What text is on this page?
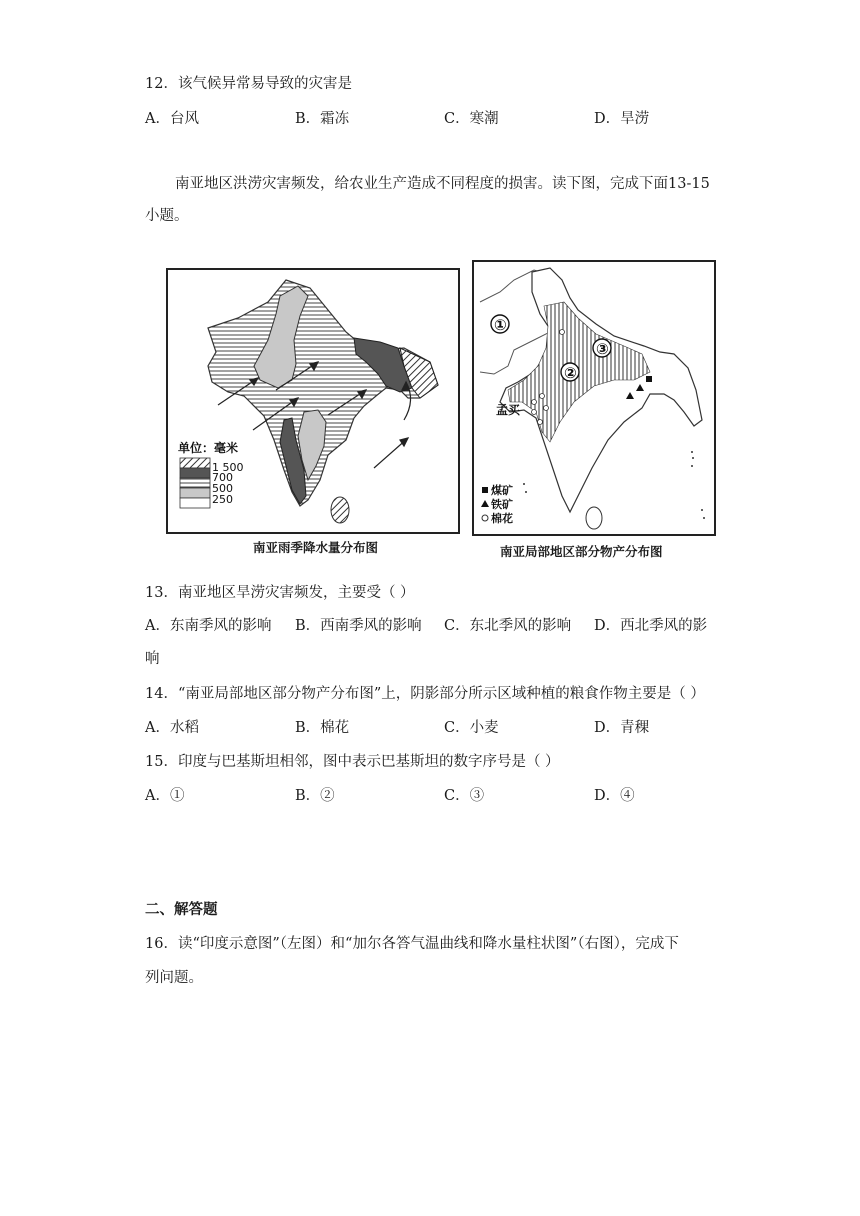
12．该气候异常易导致的灾害是
A．台风	B．霜冻	C．寒潮	D．旱涝
南亚地区洪涝灾害频发，给农业生产造成不同程度的损害。读下图，完成下面13-15
小题。
单位：毫米
1 500
700
500
250
南亚雨季降水量分布图
①
②
③
孟买
煤矿
铁矿
棉花
南亚局部地区部分物产分布图
13．南亚地区旱涝灾害频发，主要受（ ）
A．东南季风的影响 B．西南季风的影响 C．东北季风的影响 D．西北季风的影
响
14．“南亚局部地区部分物产分布图”上，阴影部分所示区域种植的粮食作物主要是（ ）
A．水稻	B．棉花	C．小麦	D．青稞
15．印度与巴基斯坦相邻，图中表示巴基斯坦的数字序号是（ ）
A．①	B．②	C．③	D．④
二、解答题
16．读“印度示意图”（左图）和“加尔各答气温曲线和降水量柱状图”（右图），完成下
列问题。
